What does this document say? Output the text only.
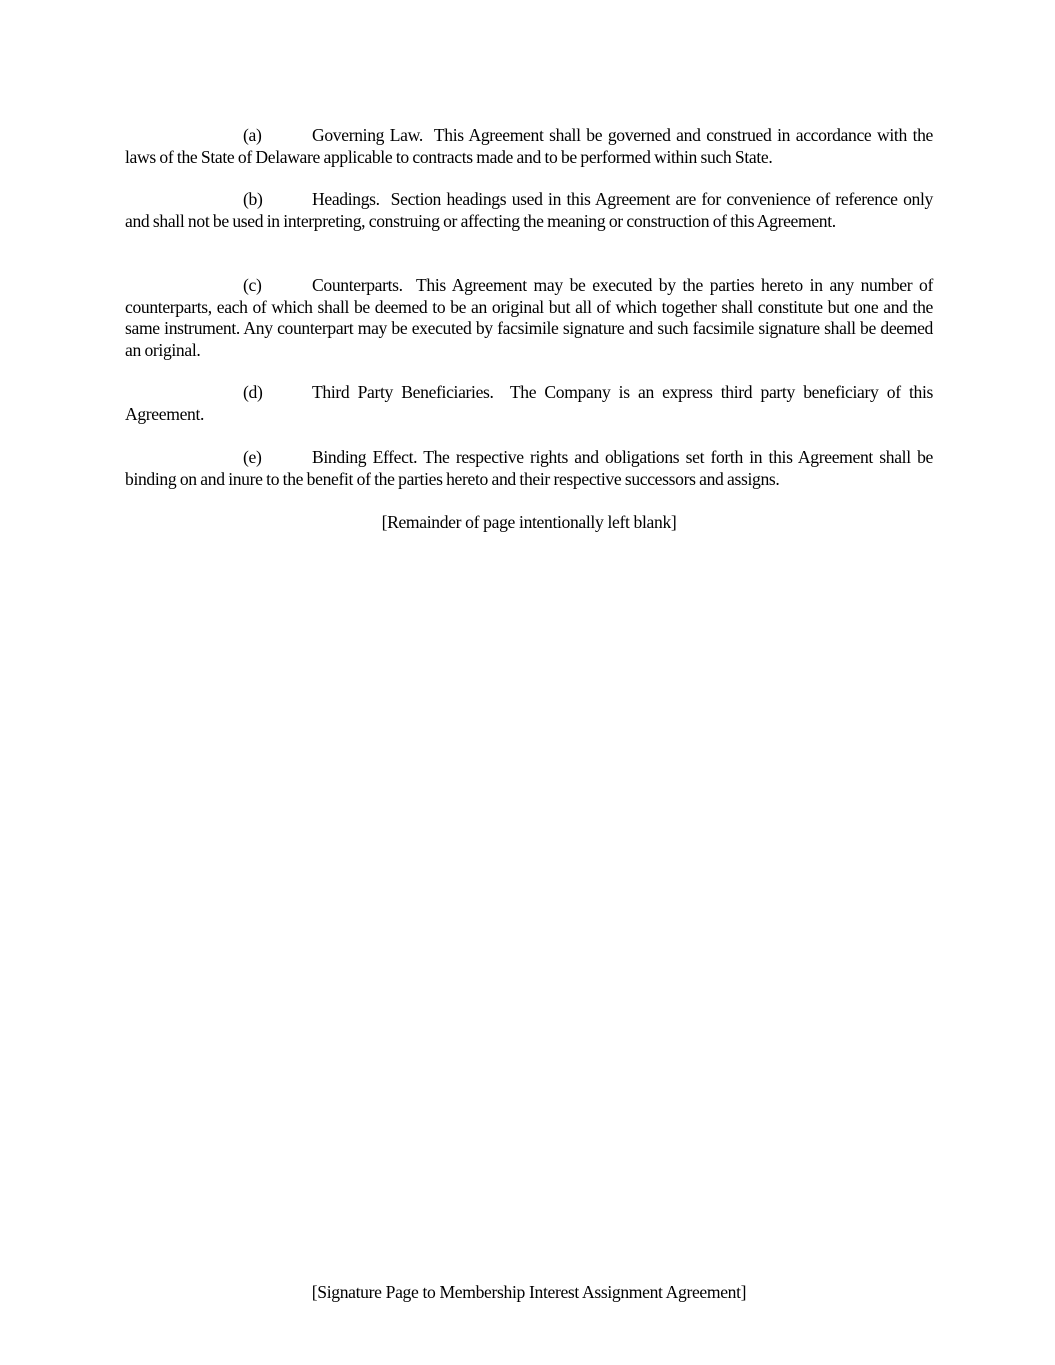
(a)	Governing Law. This Agreement shall be governed and construed in accordance with the laws of the State of Delaware applicable to contracts made and to be performed within such State.

(b)	Headings. Section headings used in this Agreement are for convenience of reference only and shall not be used in interpreting, construing or affecting the meaning or construction of this Agreement.

(c)	Counterparts. This Agreement may be executed by the parties hereto in any number of counterparts, each of which shall be deemed to be an original but all of which together shall constitute but one and the same instrument. Any counterpart may be executed by facsimile signature and such facsimile signature shall be deemed an original.

(d)	Third Party Beneficiaries. The Company is an express third party beneficiary of this Agreement.

(e)	Binding Effect. The respective rights and obligations set forth in this Agreement shall be binding on and inure to the benefit of the parties hereto and their respective successors and assigns.

[Remainder of page intentionally left blank]

[Signature Page to Membership Interest Assignment Agreement]
